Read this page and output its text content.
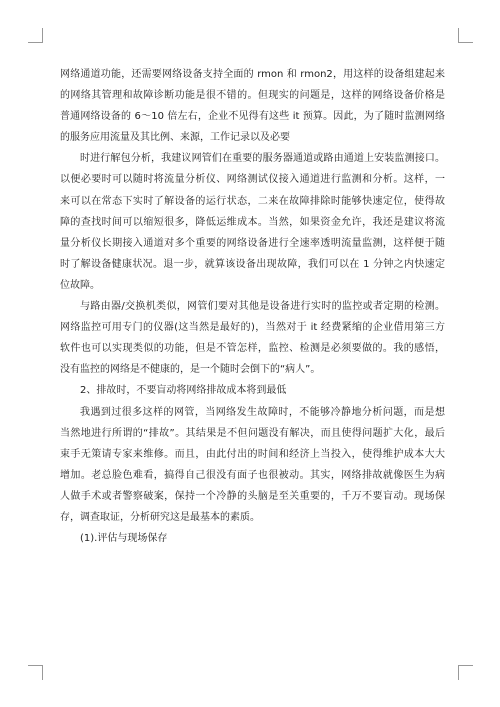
网络通道功能，还需要网络设备支持全面的 rmon 和 rmon2，用这样的设备组建起来
的网络其管理和故障诊断功能是很不错的。但现实的问题是，这样的网络设备价格是
普通网络设备的 6～10 倍左右，企业不见得有这些 it 预算。因此，为了随时监测网络
的服务应用流量及其比例、来源，工作记录以及必要
时进行解包分析，我建议网管们在重要的服务器通道或路由通道上安装监测接口。
以便必要时可以随时将流量分析仪、网络测试仪接入通道进行监测和分析。这样，一
来可以在常态下实时了解设备的运行状态，二来在故障排除时能够快速定位，使得故
障的查找时间可以缩短很多，降低运维成本。当然，如果资金允许，我还是建议将流
量分析仪长期接入通道对多个重要的网络设备进行全速率透明流量监测，这样便于随
时了解设备健康状况。退一步，就算该设备出现故障，我们可以在 1 分钟之内快速定
位故障。
与路由器/交换机类似，网管们要对其他是设备进行实时的监控或者定期的检测。
网络监控可用专门的仪器(这当然是最好的)，当然对于 it 经费紧缩的企业借用第三方
软件也可以实现类似的功能，但是不管怎样，监控、检测是必须要做的。我的感悟，
没有监控的网络是不健康的，是一个随时会倒下的“病人”。
2、排故时，不要盲动将网络排故成本将到最低
我遇到过很多这样的网管，当网络发生故障时，不能够冷静地分析问题，而是想
当然地进行所谓的“排故”。其结果是不但问题没有解决，而且使得问题扩大化，最后
束手无策请专家来维修。而且，由此付出的时间和经济上当投入，使得维护成本大大
增加。老总脸色难看，搞得自己很没有面子也很被动。其实，网络排故就像医生为病
人做手术或者警察破案，保持一个冷静的头脑是至关重要的，千万不要盲动。现场保
存，调查取证，分析研究这是最基本的素质。
(1).评估与现场保存
